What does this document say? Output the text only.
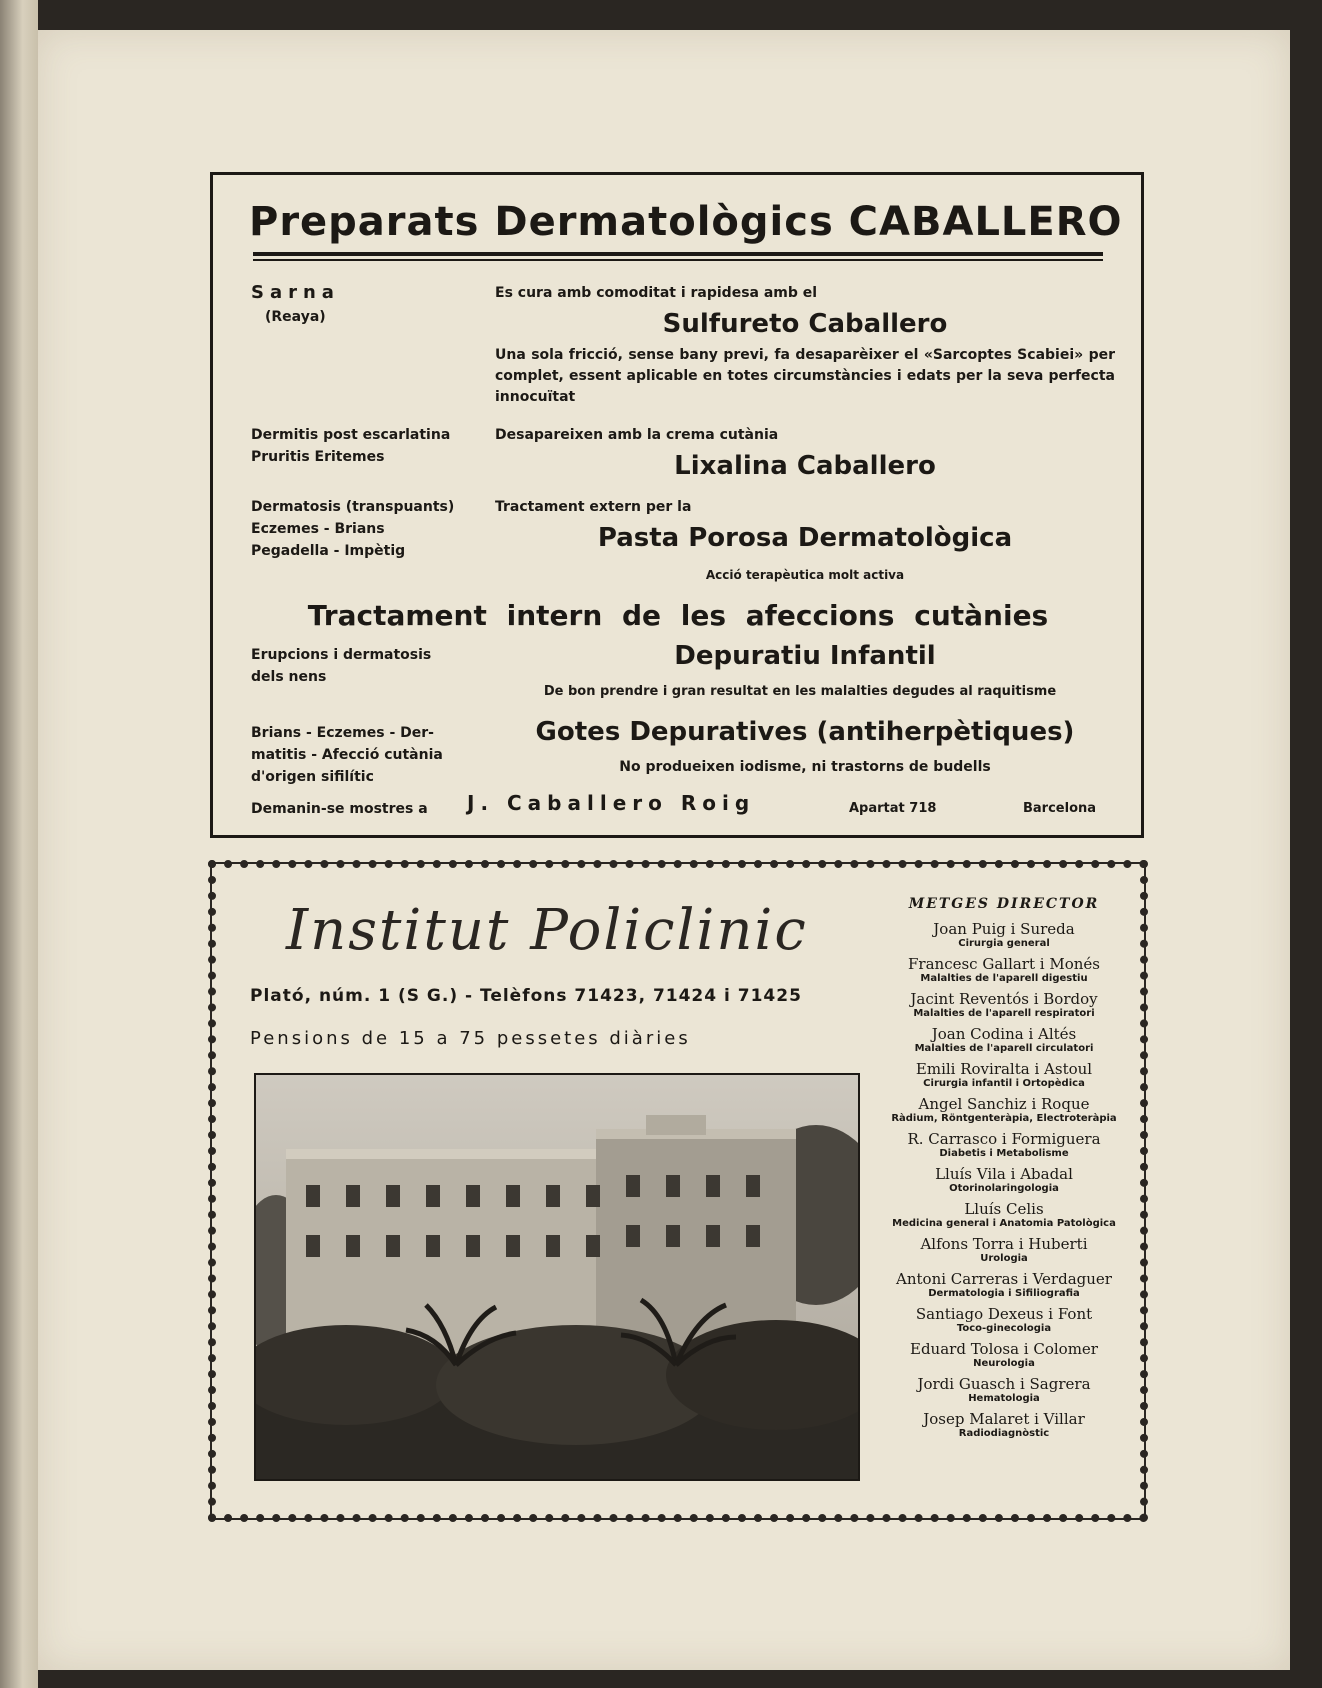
Preparats Dermatològics CABALLERO
Sarna
(Reaya)
Es cura amb comoditat i rapidesa amb el
Sulfureto Caballero
Una sola fricció, sense bany previ, fa desaparèixer el «Sarcoptes Scabiei» per complet, essent aplicable en totes circumstàncies i edats per la seva perfecta innocuïtat
Dermitis post escarlatina
Pruritis Eritemes
Desapareixen amb la crema cutània
Lixalina Caballero
Dermatosis (transpuants)
Eczemes - Brians
Pegadella - Impètig
Tractament extern per la
Pasta Porosa Dermatològica
Acció terapèutica molt activa
Tractament intern de les afeccions cutànies
Erupcions i dermatosis
dels nens
Depuratiu Infantil
De bon prendre i gran resultat en les malalties degudes al raquitisme
Brians - Eczemes - Der-
matitis - Afecció cutània
d'origen sifilític
Gotes Depuratives (antiherpètiques)
No produeixen iodisme, ni trastorns de budells
Demanin-se mostres a J. Caballero Roig	Apartat 718	Barcelona
Institut Policlinic
Plató, núm. 1 (S G.) - Telèfons 71423, 71424 i 71425
Pensions de 15 a 75 pessetes diàries
METGES DIRECTOR
Joan Puig i Sureda
Cirurgia general
Francesc Gallart i Monés
Malalties de l'aparell digestiu
Jacint Reventós i Bordoy
Malalties de l'aparell respiratori
Joan Codina i Altés
Malalties de l'aparell circulatori
Emili Roviralta i Astoul
Cirurgia infantil i Ortopèdica
Angel Sanchiz i Roque
Ràdium, Röntgenteràpia, Electroteràpia
R. Carrasco i Formiguera
Diabetis i Metabolisme
Lluís Vila i Abadal
Otorinolaringologia
Lluís Celis
Medicina general i Anatomia Patològica
Alfons Torra i Huberti
Urologia
Antoni Carreras i Verdaguer
Dermatologia i Sifiliografia
Santiago Dexeus i Font
Toco-ginecologia
Eduard Tolosa i Colomer
Neurologia
Jordi Guasch i Sagrera
Hematologia
Josep Malaret i Villar
Radiodiagnòstic
